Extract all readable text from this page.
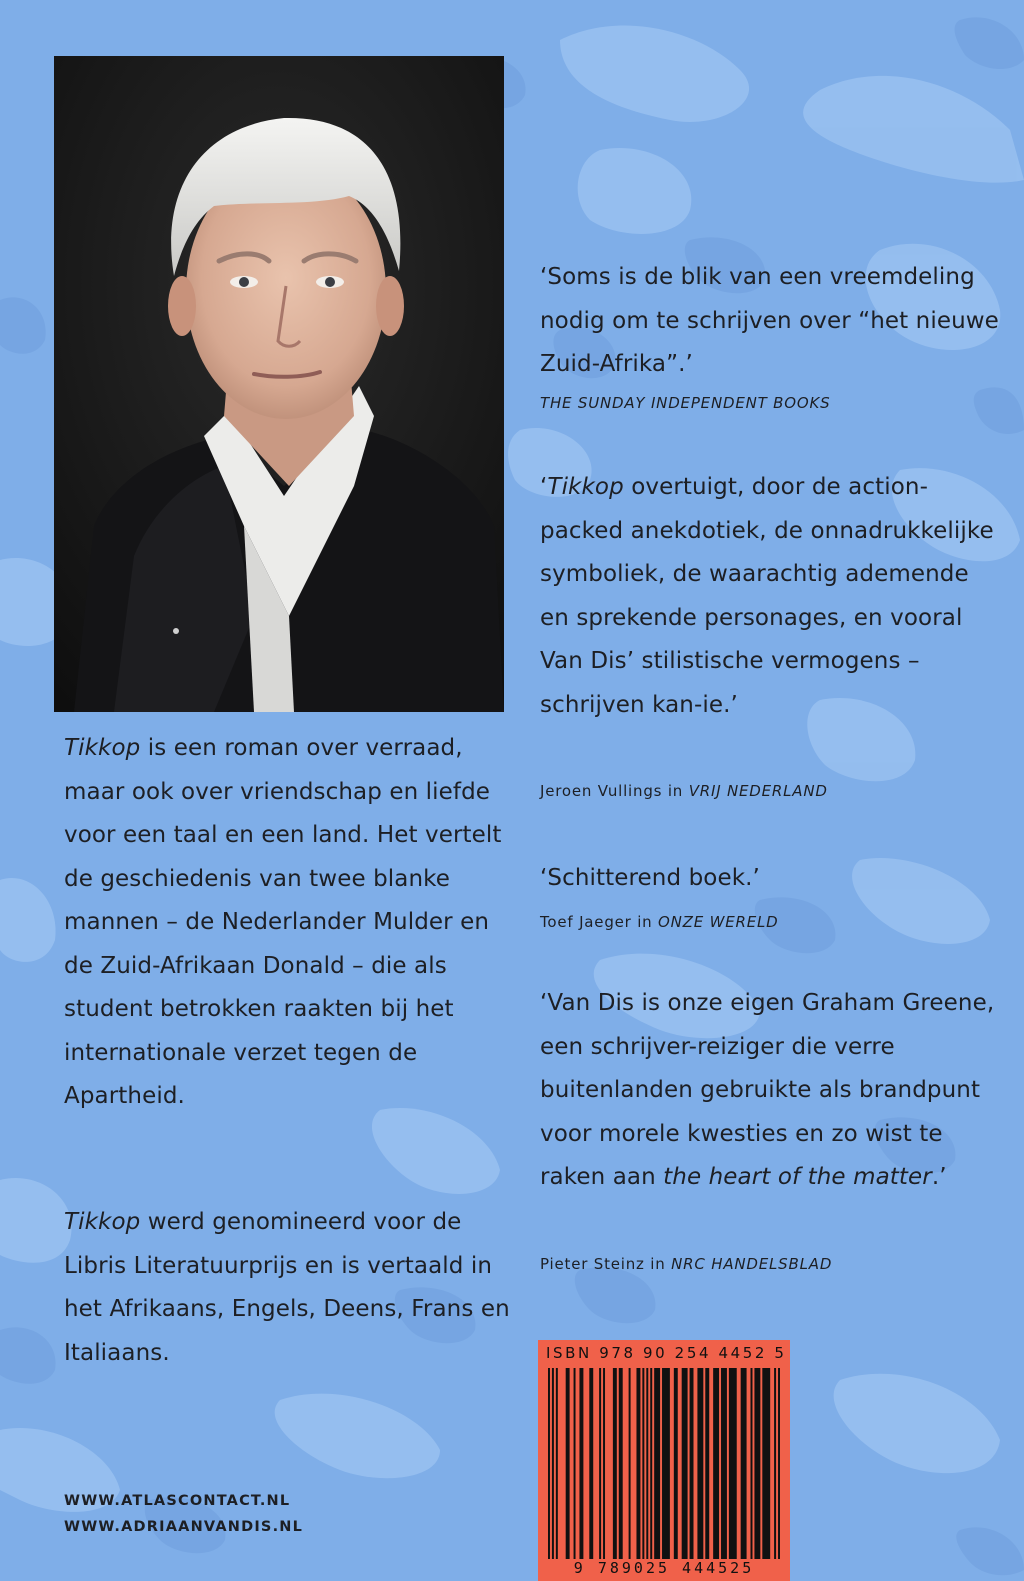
Tikkop is een roman over verraad, maar ook over vriendschap en liefde voor een taal en een land. Het vertelt de geschiedenis van twee blanke mannen – de Nederlander Mulder en de Zuid-Afrikaan Donald – die als student betrokken raakten bij het internationale verzet tegen de Apartheid.

Tikkop werd genomineerd voor de Libris Literatuurprijs en is vertaald in het Afrikaans, Engels, Deens, Frans en Italiaans.

‘Soms is de blik van een vreemdeling nodig om te schrijven over “het nieuwe Zuid-Afrika”.’

THE SUNDAY INDEPENDENT BOOKS

‘Tikkop overtuigt, door de action-packed anekdotiek, de onnadrukkelijke symboliek, de waarachtig ademende en sprekende personages, en vooral Van Dis’ stilistische vermogens – schrijven kan-ie.’

Jeroen Vullings in VRIJ NEDERLAND

‘Schitterend boek.’

Toef Jaeger in ONZE WERELD

‘Van Dis is onze eigen Graham Greene, een schrijver-reiziger die verre buitenlanden gebruikte als brandpunt voor morele kwesties en zo wist te raken aan the heart of the matter.’

Pieter Steinz in NRC HANDELSBLAD

ISBN 978 90 254 4452 5
9 789025 444525
WWW.ATLASCONTACT.NL
WWW.ADRIAANVANDIS.NL
